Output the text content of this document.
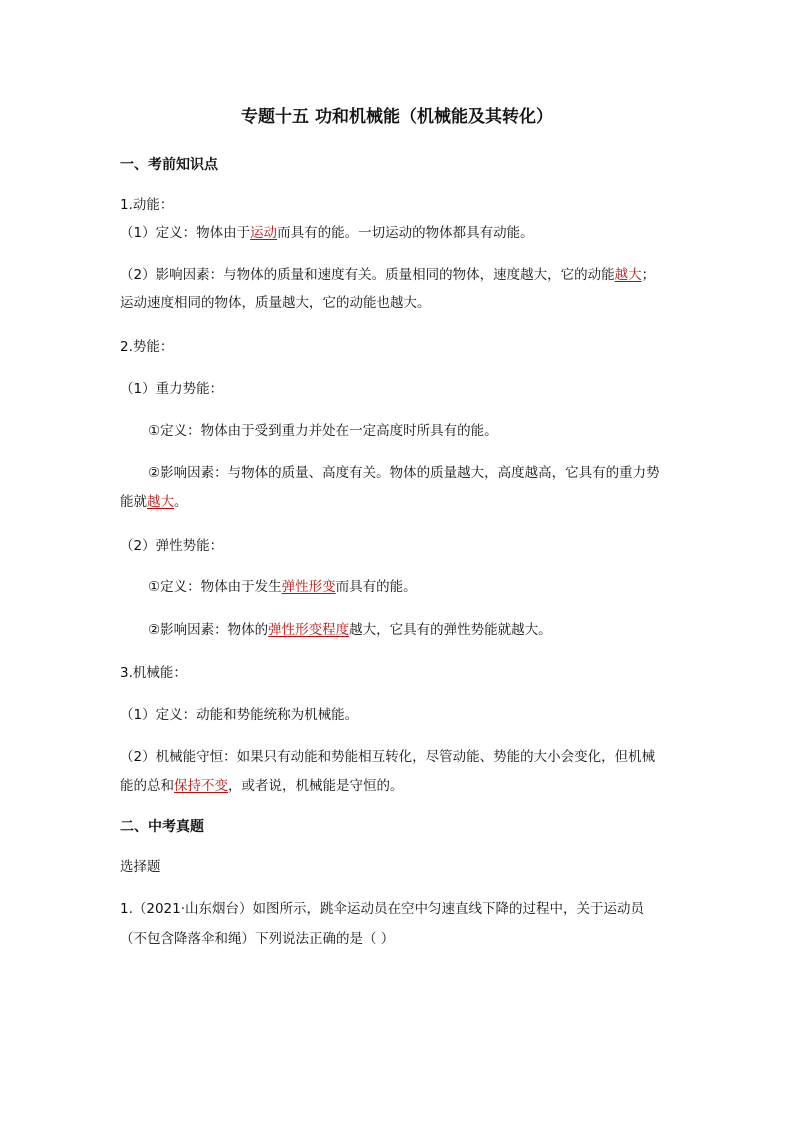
专题十五 功和机械能（机械能及其转化）
一、考前知识点
1.动能：
（1）定义：物体由于运动而具有的能。一切运动的物体都具有动能。
（2）影响因素：与物体的质量和速度有关。质量相同的物体，速度越大，它的动能越大；
运动速度相同的物体，质量越大，它的动能也越大。
2.势能：
（1）重力势能：
①定义：物体由于受到重力并处在一定高度时所具有的能。
②影响因素：与物体的质量、高度有关。物体的质量越大，高度越高，它具有的重力势
能就越大。
（2）弹性势能：
①定义：物体由于发生弹性形变而具有的能。
②影响因素：物体的弹性形变程度越大，它具有的弹性势能就越大。
3.机械能：
（1）定义：动能和势能统称为机械能。
（2）机械能守恒：如果只有动能和势能相互转化，尽管动能、势能的大小会变化，但机械
能的总和保持不变，或者说，机械能是守恒的。
二、中考真题
选择题
1.（2021·山东烟台）如图所示，跳伞运动员在空中匀速直线下降的过程中，关于运动员
（不包含降落伞和绳）下列说法正确的是（ ）
